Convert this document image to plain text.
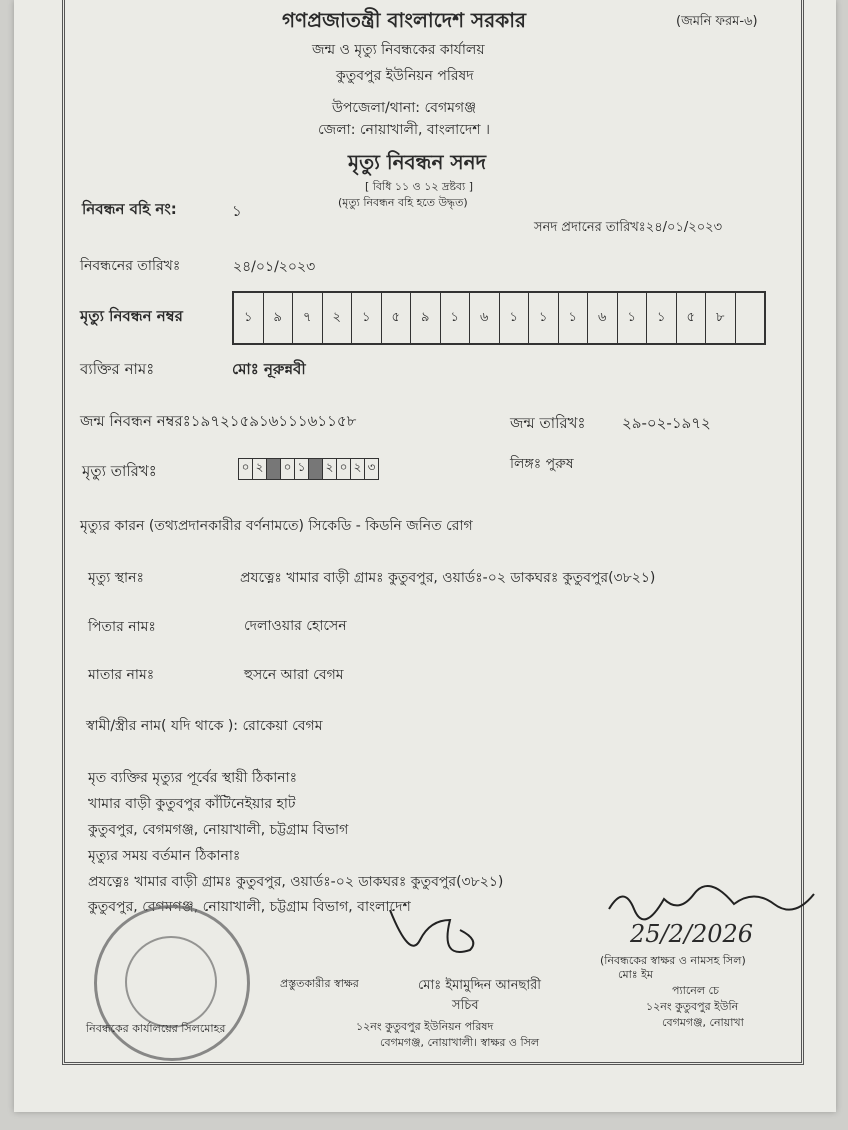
গণপ্রজাতন্ত্রী বাংলাদেশ সরকার	(জমনি ফরম-৬)
জন্ম ও মৃত্যু নিবন্ধকের কার্যালয়
কুতুবপুর ইউনিয়ন পরিষদ
উপজেলা/থানা: বেগমগঞ্জ
জেলা: নোয়াখালী, বাংলাদেশ ।
মৃত্যু নিবন্ধন সনদ
[ বিধি ১১ ও ১২ দ্রষ্টব্য ]
(মৃত্যু নিবন্ধন বহি হতে উদ্ধৃত)
নিবন্ধন বহি নং:	১
সনদ প্রদানের তারিখঃ২৪/০১/২০২৩
নিবন্ধনের তারিখঃ	২৪/০১/২০২৩
মৃত্যু নিবন্ধন নম্বর	১	৯	৭	২	১	৫	৯	১	৬	১	১	১	৬	১	১	৫	৮
ব্যক্তির নামঃ	মোঃ নূরুন্নবী
জন্ম নিবন্ধন নম্বরঃ১৯৭২১৫৯১৬১১১৬১১৫৮	জন্ম তারিখঃ ২৯-০২-১৯৭২
মৃত্যু তারিখঃ	০ ২ ০ ১	২ ০ ২ ৩	লিঙ্গঃ পুরুষ
মৃত্যুর কারন (তথ্যপ্রদানকারীর বর্ণনামতে) সিকেডি - কিডনি জনিত রোগ
মৃত্যু স্থানঃ	প্রযত্নেঃ খামার বাড়ী গ্রামঃ কুতুবপুর, ওয়ার্ডঃ-০২ ডাকঘরঃ কুতুবপুর(৩৮২১)
পিতার নামঃ	দেলাওয়ার হোসেন
মাতার নামঃ	হুসনে আরা বেগম
স্বামী/স্ত্রীর নাম( যদি থাকে ): রোকেয়া বেগম
মৃত ব্যক্তির মৃত্যুর পূর্বের স্থায়ী ঠিকানাঃ
খামার বাড়ী কুতুবপুর কাঁটিনেইয়ার হাট
কুতুবপুর, বেগমগঞ্জ, নোয়াখালী, চট্টগ্রাম বিভাগ
মৃত্যুর সময় বর্তমান ঠিকানাঃ
প্রযত্নেঃ খামার বাড়ী গ্রামঃ কুতুবপুর, ওয়ার্ডঃ-০২ ডাকঘরঃ কুতুবপুর(৩৮২১)
কুতুবপুর, বেগমগঞ্জ, নোয়াখালী, চট্টগ্রাম বিভাগ, বাংলাদেশ
25/2/2026
প্রস্তুতকারীর স্বাক্ষর	মোঃ ইমামুদ্দিন আনছারী
সচিব
১২নং কুতুবপুর ইউনিয়ন পরিষদ
বেগমগঞ্জ, নোয়াখালী। স্বাক্ষর ও সিল
নিবন্ধকের কার্যালয়ের সিলমোহর
(নিবন্ধকের স্বাক্ষর ও নামসহ সিল)
মোঃ ইম
প্যানেল চে
১২নং কুতুবপুর ইউনি
বেগমগঞ্জ, নোয়াখা
